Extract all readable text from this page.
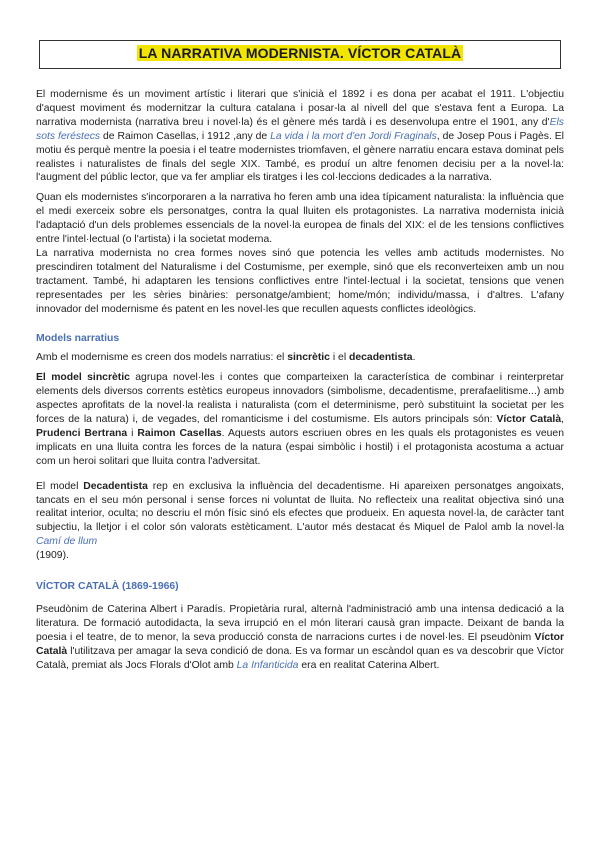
LA NARRATIVA MODERNISTA. VÍCTOR CATALÀ

El modernisme és un moviment artístic i literari que s'inicià el 1892 i es dona per acabat el 1911. L'objectiu d'aquest moviment és modernitzar la cultura catalana i posar-la al nivell del que s'estava fent a Europa. La narrativa modernista (narrativa breu i novel·la) és el gènere més tardà i es desenvolupa entre el 1901, any d'Els sots feréstecs de Raimon Casellas, i 1912 ,any de La vida i la mort d'en Jordi Fraginals, de Josep Pous i Pagès. El motiu és perquè mentre la poesia i el teatre modernistes triomfaven, el gènere narratiu encara estava dominat pels realistes i naturalistes de finals del segle XIX. També, es produí un altre fenomen decisiu per a la novel·la: l'augment del públic lector, que va fer ampliar els tiratges i les col·leccions dedicades a la narrativa.

Quan els modernistes s'incorporaren a la narrativa ho feren amb una idea típicament naturalista: la influència que el medi exerceix sobre els personatges, contra la qual lluiten els protagonistes. La narrativa modernista inicià l'adaptació d'un dels problemes essencials de la novel·la europea de finals del XIX: el de les tensions conflictives entre l'intel·lectual (o l'artista) i la societat moderna.

La narrativa modernista no crea formes noves sinó que potencia les velles amb actituds modernistes. No prescindiren totalment del Naturalisme i del Costumisme, per exemple, sinó que els reconverteixen amb un nou tractament. També, hi adaptaren les tensions conflictives entre l'intel·lectual i la societat, tensions que venen representades per les sèries binàries: personatge/ambient; home/món; individu/massa, i d'altres. L'afany innovador del modernisme és patent en les novel·les que recullen aquests conflictes ideològics.

Models narratius

Amb el modernisme es creen dos models narratius: el sincrètic i el decadentista.

El model sincrètic agrupa novel·les i contes que comparteixen la característica de combinar i reinterpretar elements dels diversos corrents estètics europeus innovadors (simbolisme, decadentisme, prerafaelitisme...) amb aspectes aprofitats de la novel·la realista i naturalista (com el determinisme, però substituint la societat per les forces de la natura) i, de vegades, del romanticisme i del costumisme. Els autors principals són: Víctor Català, Prudenci Bertrana i Raimon Casellas. Aquests autors escriuen obres en les quals els protagonistes es veuen implicats en una lluita contra les forces de la natura (espai simbòlic i hostil) i el protagonista acostuma a actuar com un heroi solitari que lluita contra l'adversitat.

El model Decadentista rep en exclusiva la influència del decadentisme. Hi apareixen personatges angoixats, tancats en el seu món personal i sense forces ni voluntat de lluita. No reflecteix una realitat objectiva sinó una realitat interior, oculta; no descriu el món físic sinó els efectes que produeix. En aquesta novel·la, de caràcter tant subjectiu, la lletjor i el color són valorats estèticament. L'autor més destacat és Miquel de Palol amb la novel·la Camí de llum
(1909).

VÍCTOR CATALÀ (1869-1966)

Pseudònim de Caterina Albert i Paradís. Propietària rural, alternà l'administració amb una intensa dedicació a la literatura. De formació autodidacta, la seva irrupció en el món literari causà gran impacte. Deixant de banda la poesia i el teatre, de to menor, la seva producció consta de narracions curtes i de novel·les. El pseudònim Víctor Català l'utilitzava per amagar la seva condició de dona. Es va formar un escàndol quan es va descobrir que Víctor Català, premiat als Jocs Florals d'Olot amb La Infanticida era en realitat Caterina Albert.
